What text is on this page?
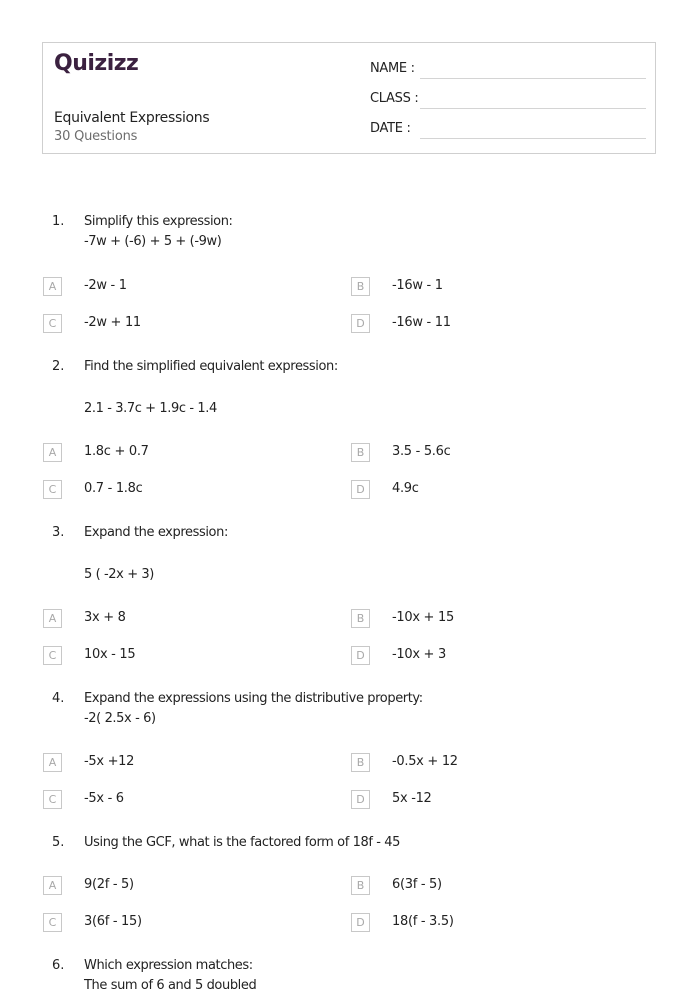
Quizizz
Equivalent Expressions
30 Questions
NAME :
CLASS :
DATE :
1. Simplify this expression:
-7w + (-6) + 5 + (-9w)
A	-2w - 1	B	-16w - 1
C	-2w + 11	D	-16w - 11
2. Find the simplified equivalent expression:
2.1 - 3.7c + 1.9c - 1.4
A	1.8c + 0.7	B	3.5 - 5.6c
C	0.7 - 1.8c	D	4.9c
3. Expand the expression:
5 ( -2x + 3)
A	3x + 8	B	-10x + 15
C	10x - 15	D	-10x + 3
4. Expand the expressions using the distributive property:
-2( 2.5x - 6)
A	-5x +12	B	-0.5x + 12
C	-5x - 6	D	5x -12
5. Using the GCF, what is the factored form of 18f - 45
A	9(2f - 5)	B	6(3f - 5)
C	3(6f - 15)	D	18(f - 3.5)
6. Which expression matches:
The sum of 6 and 5 doubled
